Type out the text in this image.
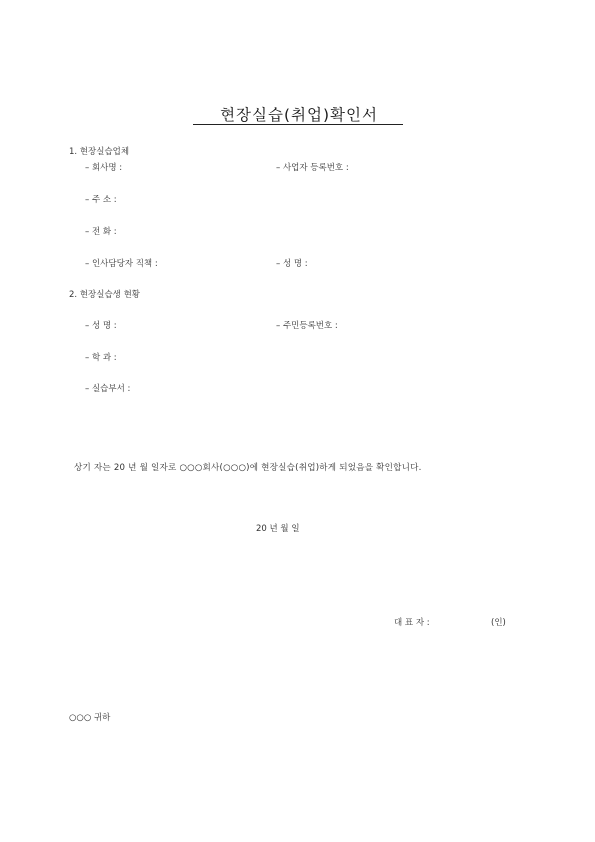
현장실습(취업)확인서
1. 현장실습업체
– 회사명 :	– 사업자 등록번호 :
– 주 소 :
– 전 화 :
– 인사담당자 직책 :	– 성 명 :
2. 현장실습생 현황
– 성 명 :	– 주민등록번호 :
– 학 과 :
– 실습부서 :
상기 자는 20 년 월 일자로 ○○○회사(○○○)에 현장실습(취업)하게 되었음을 확인합니다.
20 년 월 일
대 표 자 :	(인)
○○○ 귀하
